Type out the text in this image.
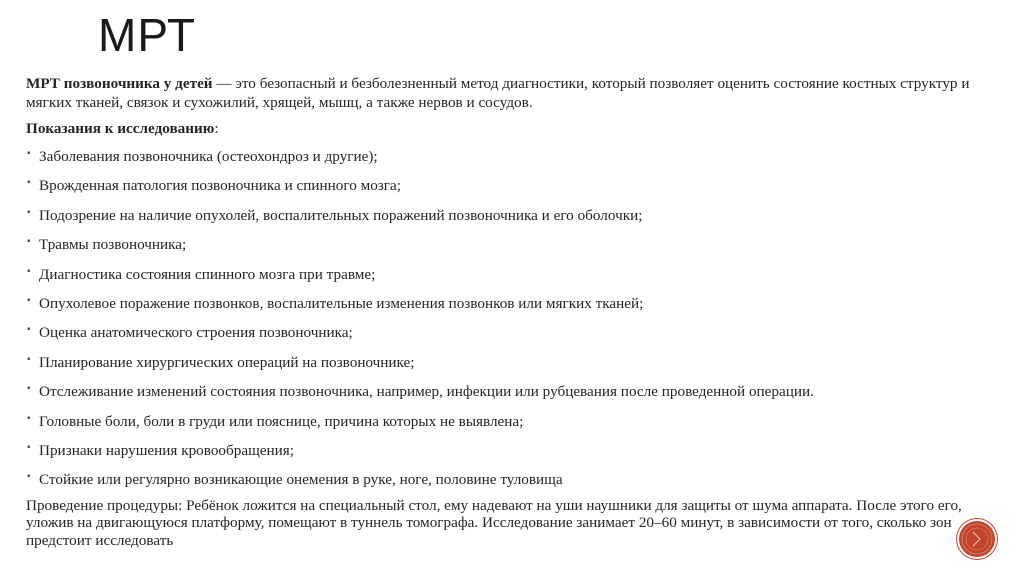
МРТ

МРТ позвоночника у детей — это безопасный и безболезненный метод диагностики, который позволяет оценить состояние костных структур и мягких тканей, связок и сухожилий, хрящей, мышц, а также нервов и сосудов.

Показания к исследованию:

▪ Заболевания позвоночника (остеохондроз и другие);
▪ Врожденная патология позвоночника и спинного мозга;
▪ Подозрение на наличие опухолей, воспалительных поражений позвоночника и его оболочки;
▪ Травмы позвоночника;
▪ Диагностика состояния спинного мозга при травме;
▪ Опухолевое поражение позвонков, воспалительные изменения позвонков или мягких тканей;
▪ Оценка анатомического строения позвоночника;
▪ Планирование хирургических операций на позвоночнике;
▪ Отслеживание изменений состояния позвоночника, например, инфекции или рубцевания после проведенной операции.
▪ Головные боли, боли в груди или пояснице, причина которых не выявлена;
▪ Признаки нарушения кровообращения;
▪ Стойкие или регулярно возникающие онемения в руке, ноге, половине туловища

Проведение процедуры: Ребёнок ложится на специальный стол, ему надевают на уши наушники для защиты от шума аппарата. После этого его, уложив на двигающуюся платформу, помещают в туннель томографа. Исследование занимает 20–60 минут, в зависимости от того, сколько зон предстоит исследовать
